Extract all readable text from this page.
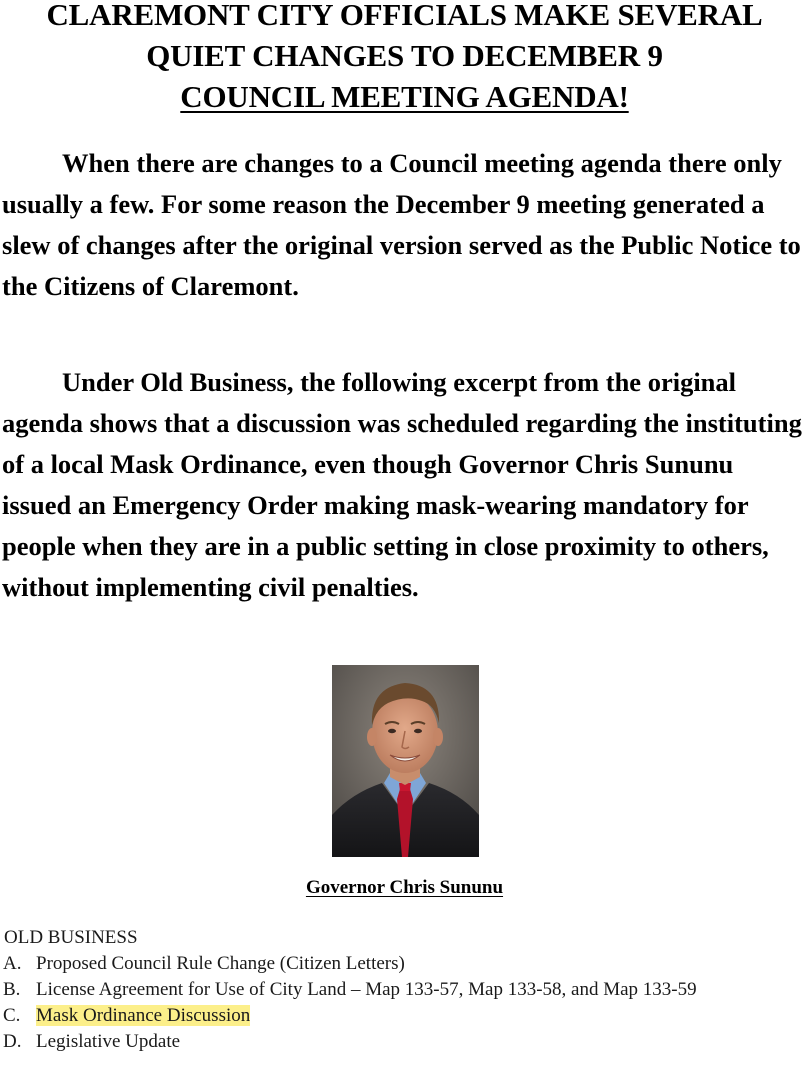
CLAREMONT CITY OFFICIALS MAKE SEVERAL
QUIET CHANGES TO DECEMBER 9
COUNCIL MEETING AGENDA!

When there are changes to a Council meeting agenda there only usually a few. For some reason the December 9 meeting generated a slew of changes after the original version served as the Public Notice to the Citizens of Claremont.

Under Old Business, the following excerpt from the original agenda shows that a discussion was scheduled regarding the instituting of a local Mask Ordinance, even though Governor Chris Sununu issued an Emergency Order making mask-wearing mandatory for people when they are in a public setting in close proximity to others, without implementing civil penalties.

Governor Chris Sununu
OLD BUSINESS
A. Proposed Council Rule Change (Citizen Letters)
B. License Agreement for Use of City Land – Map 133-57, Map 133-58, and Map 133-59
C. Mask Ordinance Discussion
D. Legislative Update
